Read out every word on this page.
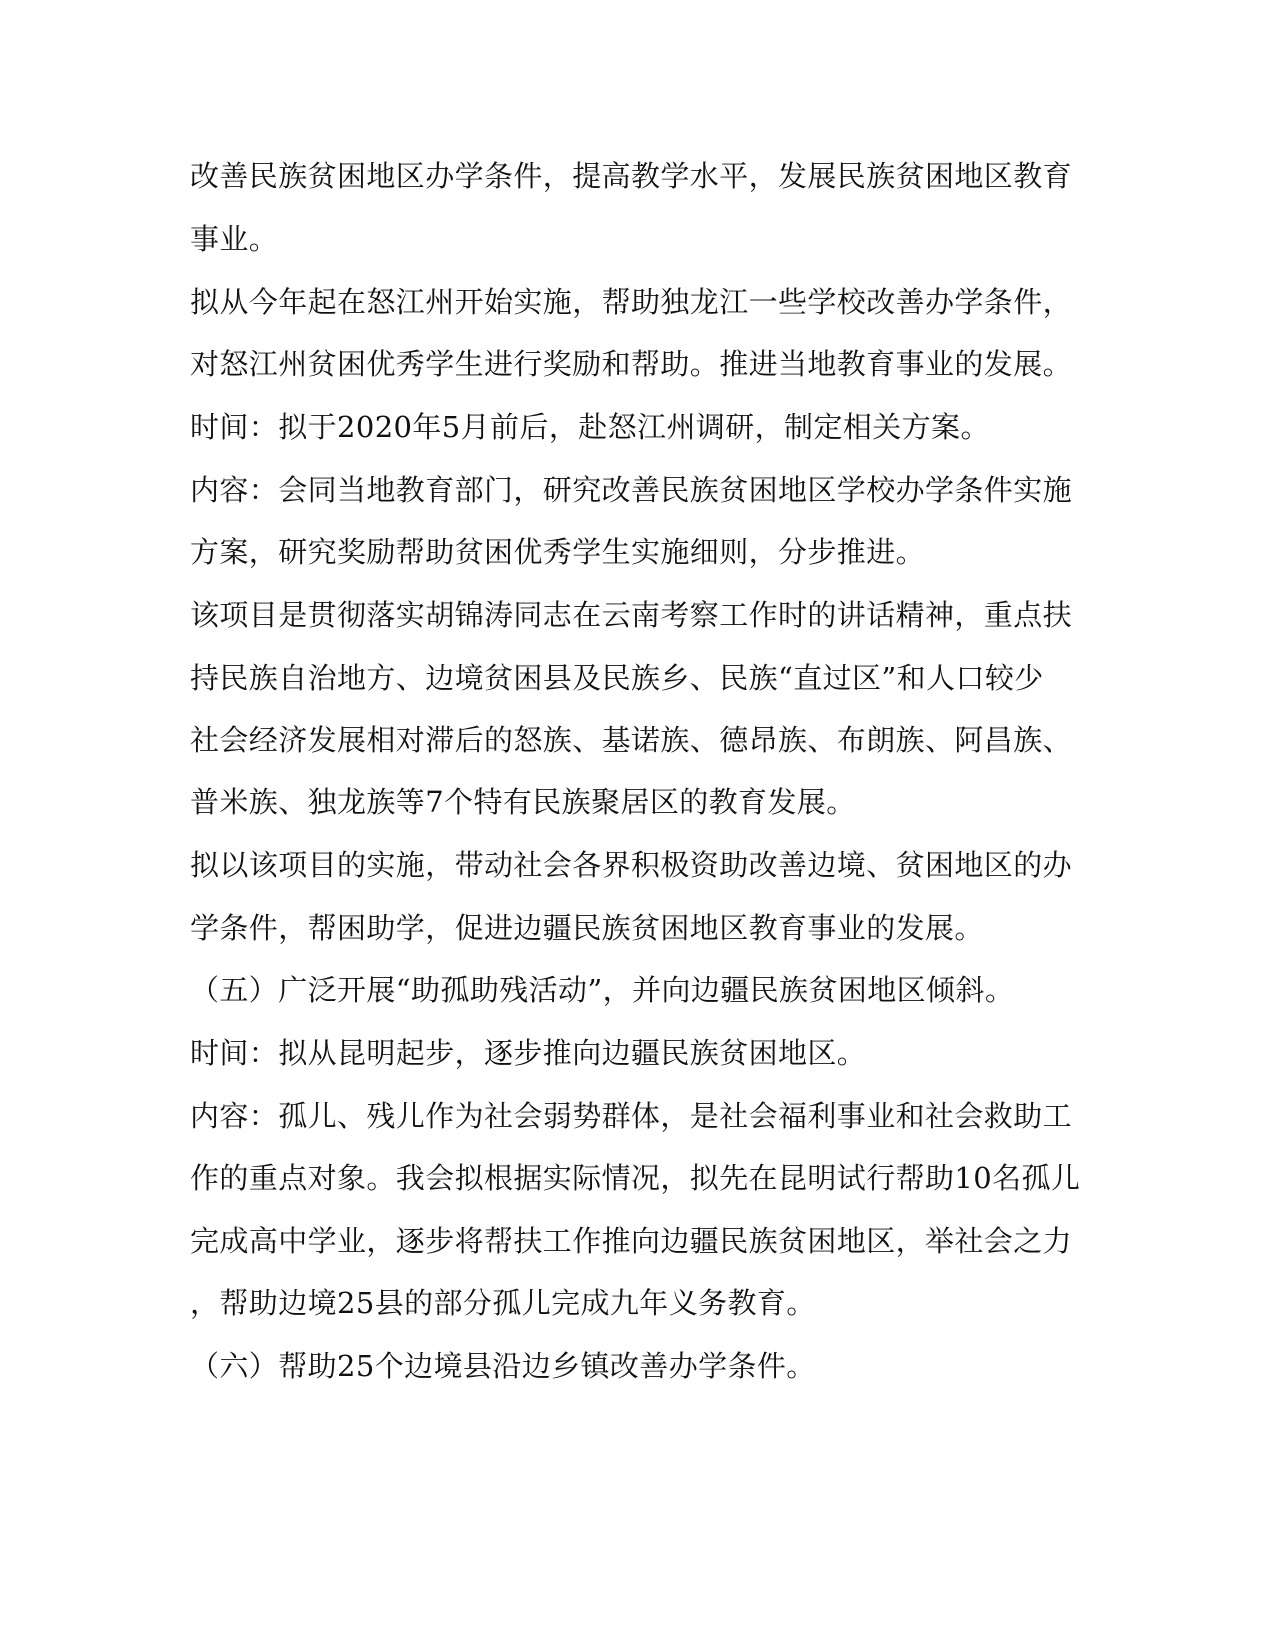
改善民族贫困地区办学条件，提高教学水平，发展民族贫困地区教育
事业。
拟从今年起在怒江州开始实施，帮助独龙江一些学校改善办学条件，
对怒江州贫困优秀学生进行奖励和帮助。推进当地教育事业的发展。
时间：拟于2020年5月前后，赴怒江州调研，制定相关方案。
内容：会同当地教育部门，研究改善民族贫困地区学校办学条件实施
方案，研究奖励帮助贫困优秀学生实施细则，分步推进。
该项目是贯彻落实胡锦涛同志在云南考察工作时的讲话精神，重点扶
持民族自治地方、边境贫困县及民族乡、民族“直过区”和人口较少
社会经济发展相对滞后的怒族、基诺族、德昂族、布朗族、阿昌族、
普米族、独龙族等7个特有民族聚居区的教育发展。
拟以该项目的实施，带动社会各界积极资助改善边境、贫困地区的办
学条件，帮困助学，促进边疆民族贫困地区教育事业的发展。
（五）广泛开展“助孤助残活动”，并向边疆民族贫困地区倾斜。
时间：拟从昆明起步，逐步推向边疆民族贫困地区。
内容：孤儿、残儿作为社会弱势群体，是社会福利事业和社会救助工
作的重点对象。我会拟根据实际情况，拟先在昆明试行帮助10名孤儿
完成高中学业，逐步将帮扶工作推向边疆民族贫困地区，举社会之力
，帮助边境25县的部分孤儿完成九年义务教育。
（六）帮助25个边境县沿边乡镇改善办学条件。
